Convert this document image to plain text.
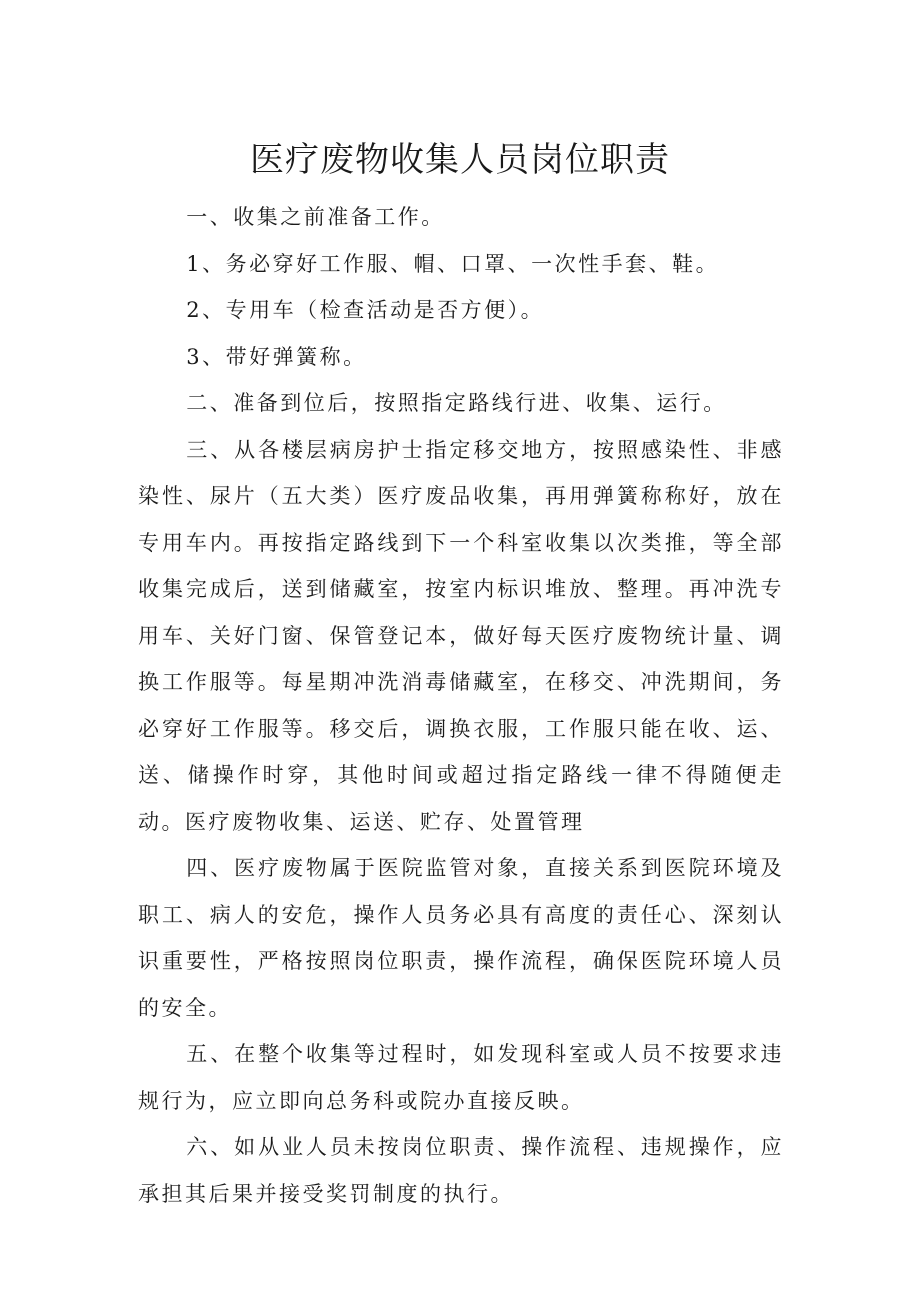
医疗废物收集人员岗位职责

一、收集之前准备工作。

1、务必穿好工作服、帽、口罩、一次性手套、鞋。

2、专用车（检查活动是否方便）。

3、带好弹簧称。

二、准备到位后，按照指定路线行进、收集、运行。

三、从各楼层病房护士指定移交地方，按照感染性、非感染性、尿片（五大类）医疗废品收集，再用弹簧称称好，放在专用车内。再按指定路线到下一个科室收集以次类推，等全部收集完成后，送到储藏室，按室内标识堆放、整理。再冲洗专用车、关好门窗、保管登记本，做好每天医疗废物统计量、调换工作服等。每星期冲洗消毒储藏室，在移交、冲洗期间，务必穿好工作服等。移交后，调换衣服，工作服只能在收、运、送、储操作时穿，其他时间或超过指定路线一律不得随便走动。医疗废物收集、运送、贮存、处置管理

四、医疗废物属于医院监管对象，直接关系到医院环境及职工、病人的安危，操作人员务必具有高度的责任心、深刻认识重要性，严格按照岗位职责，操作流程，确保医院环境人员的安全。

五、在整个收集等过程时，如发现科室或人员不按要求违规行为，应立即向总务科或院办直接反映。

六、如从业人员未按岗位职责、操作流程、违规操作，应承担其后果并接受奖罚制度的执行。
